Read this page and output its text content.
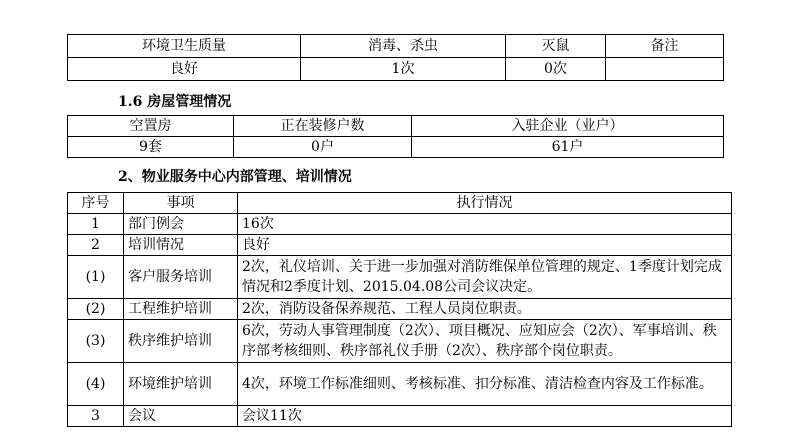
环境卫生质量	消毒、杀虫	灭鼠	备注
良好	1次	0次	
1.6 房屋管理情况
空置房	正在装修户数	入驻企业（业户）
9套	0户	61户
2、物业服务中心内部管理、培训情况
序号	事项	执行情况
1	部门例会	16次
2	培训情况	良好
(1)	客户服务培训	2次，礼仪培训、关于进一步加强对消防维保单位管理的规定、1季度计划完成情况和2季度计划、2015.04.08公司会议决定。
(2)	工程维护培训	2次，消防设备保养规范、工程人员岗位职责。
(3)	秩序维护培训	6次，劳动人事管理制度（2次）、项目概况、应知应会（2次）、军事培训、秩序部考核细则、秩序部礼仪手册（2次）、秩序部个岗位职责。
(4)	环境维护培训	4次，环境工作标准细则、考核标准、扣分标准、清洁检查内容及工作标准。
3	会议	会议11次
